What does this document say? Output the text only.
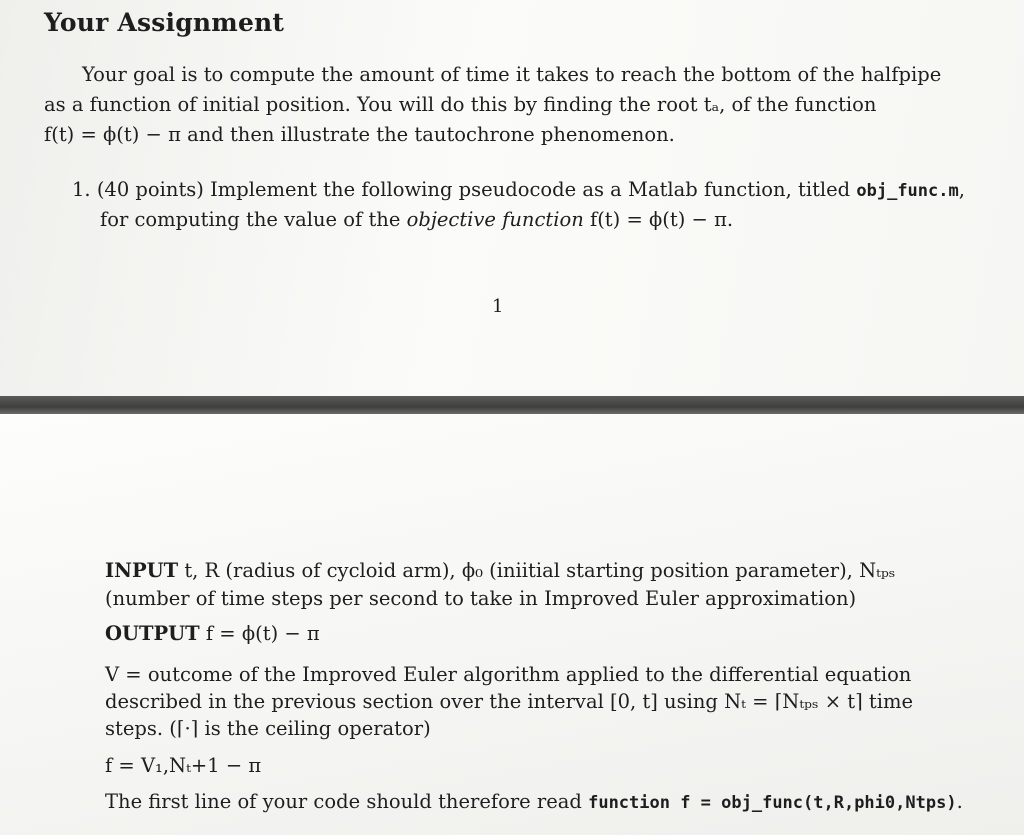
Your Assignment
Your goal is to compute the amount of time it takes to reach the bottom of the halfpipe
as a function of initial position. You will do this by finding the root tₐ, of the function
f(t) = ϕ(t) − π and then illustrate the tautochrone phenomenon.
1. (40 points) Implement the following pseudocode as a Matlab function, titled obj_func.m,
for computing the value of the objective function f(t) = ϕ(t) − π.
1
INPUT t, R (radius of cycloid arm), ϕ₀ (iniitial starting position parameter), Nₜₚₛ
(number of time steps per second to take in Improved Euler approximation)
OUTPUT f = ϕ(t) − π
V = outcome of the Improved Euler algorithm applied to the differential equation
described in the previous section over the interval [0, t] using Nₜ = ⌈Nₜₚₛ × t⌉ time
steps. (⌈·⌉ is the ceiling operator)
f = V₁,Nₜ+1 − π
The first line of your code should therefore read function f = obj_func(t,R,phi0,Ntps).
